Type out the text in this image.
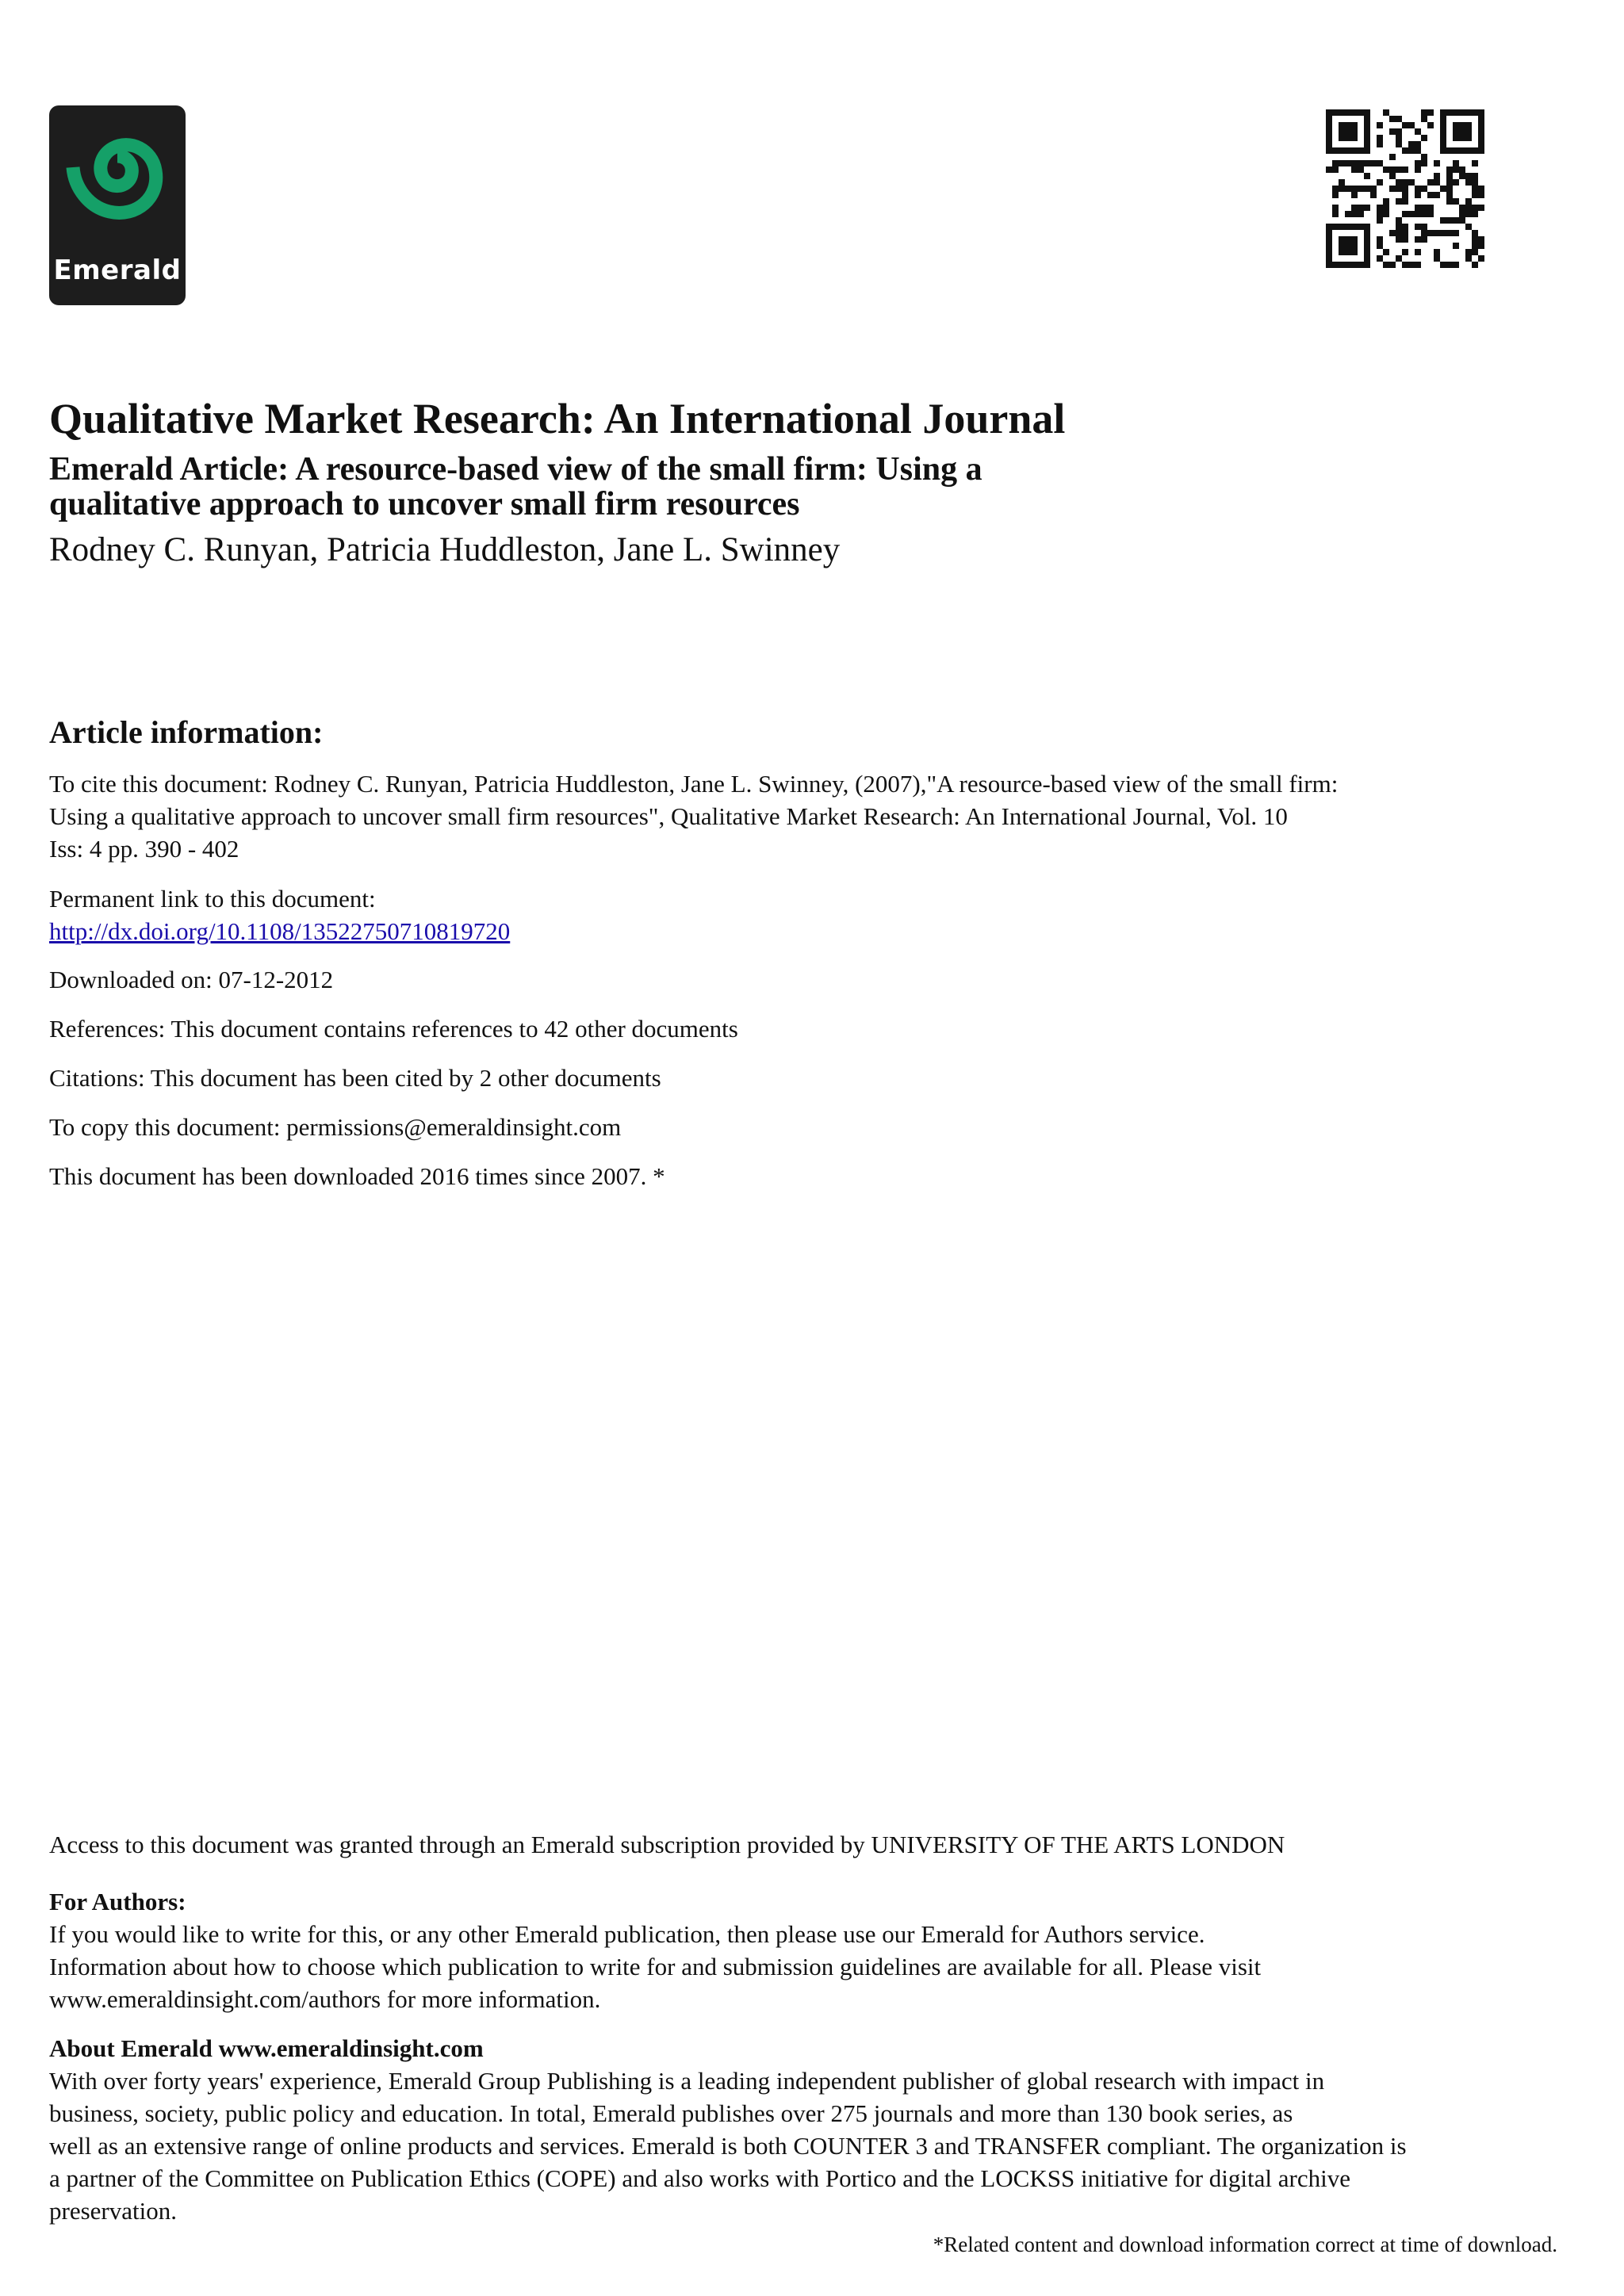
Emerald
Qualitative Market Research: An International Journal
Emerald Article: A resource-based view of the small firm: Using a
qualitative approach to uncover small firm resources
Rodney C. Runyan, Patricia Huddleston, Jane L. Swinney
Article information:
To cite this document: Rodney C. Runyan, Patricia Huddleston, Jane L. Swinney, (2007),"A resource-based view of the small firm:
Using a qualitative approach to uncover small firm resources", Qualitative Market Research: An International Journal, Vol. 10
Iss: 4 pp. 390 - 402
Permanent link to this document:
http://dx.doi.org/10.1108/13522750710819720
Downloaded on: 07-12-2012
References: This document contains references to 42 other documents
Citations: This document has been cited by 2 other documents
To copy this document: permissions@emeraldinsight.com
This document has been downloaded 2016 times since 2007. *
Access to this document was granted through an Emerald subscription provided by UNIVERSITY OF THE ARTS LONDON
For Authors:
If you would like to write for this, or any other Emerald publication, then please use our Emerald for Authors service.
Information about how to choose which publication to write for and submission guidelines are available for all. Please visit
www.emeraldinsight.com/authors for more information.
About Emerald www.emeraldinsight.com
With over forty years' experience, Emerald Group Publishing is a leading independent publisher of global research with impact in
business, society, public policy and education. In total, Emerald publishes over 275 journals and more than 130 book series, as
well as an extensive range of online products and services. Emerald is both COUNTER 3 and TRANSFER compliant. The organization is
a partner of the Committee on Publication Ethics (COPE) and also works with Portico and the LOCKSS initiative for digital archive
preservation.
*Related content and download information correct at time of download.
